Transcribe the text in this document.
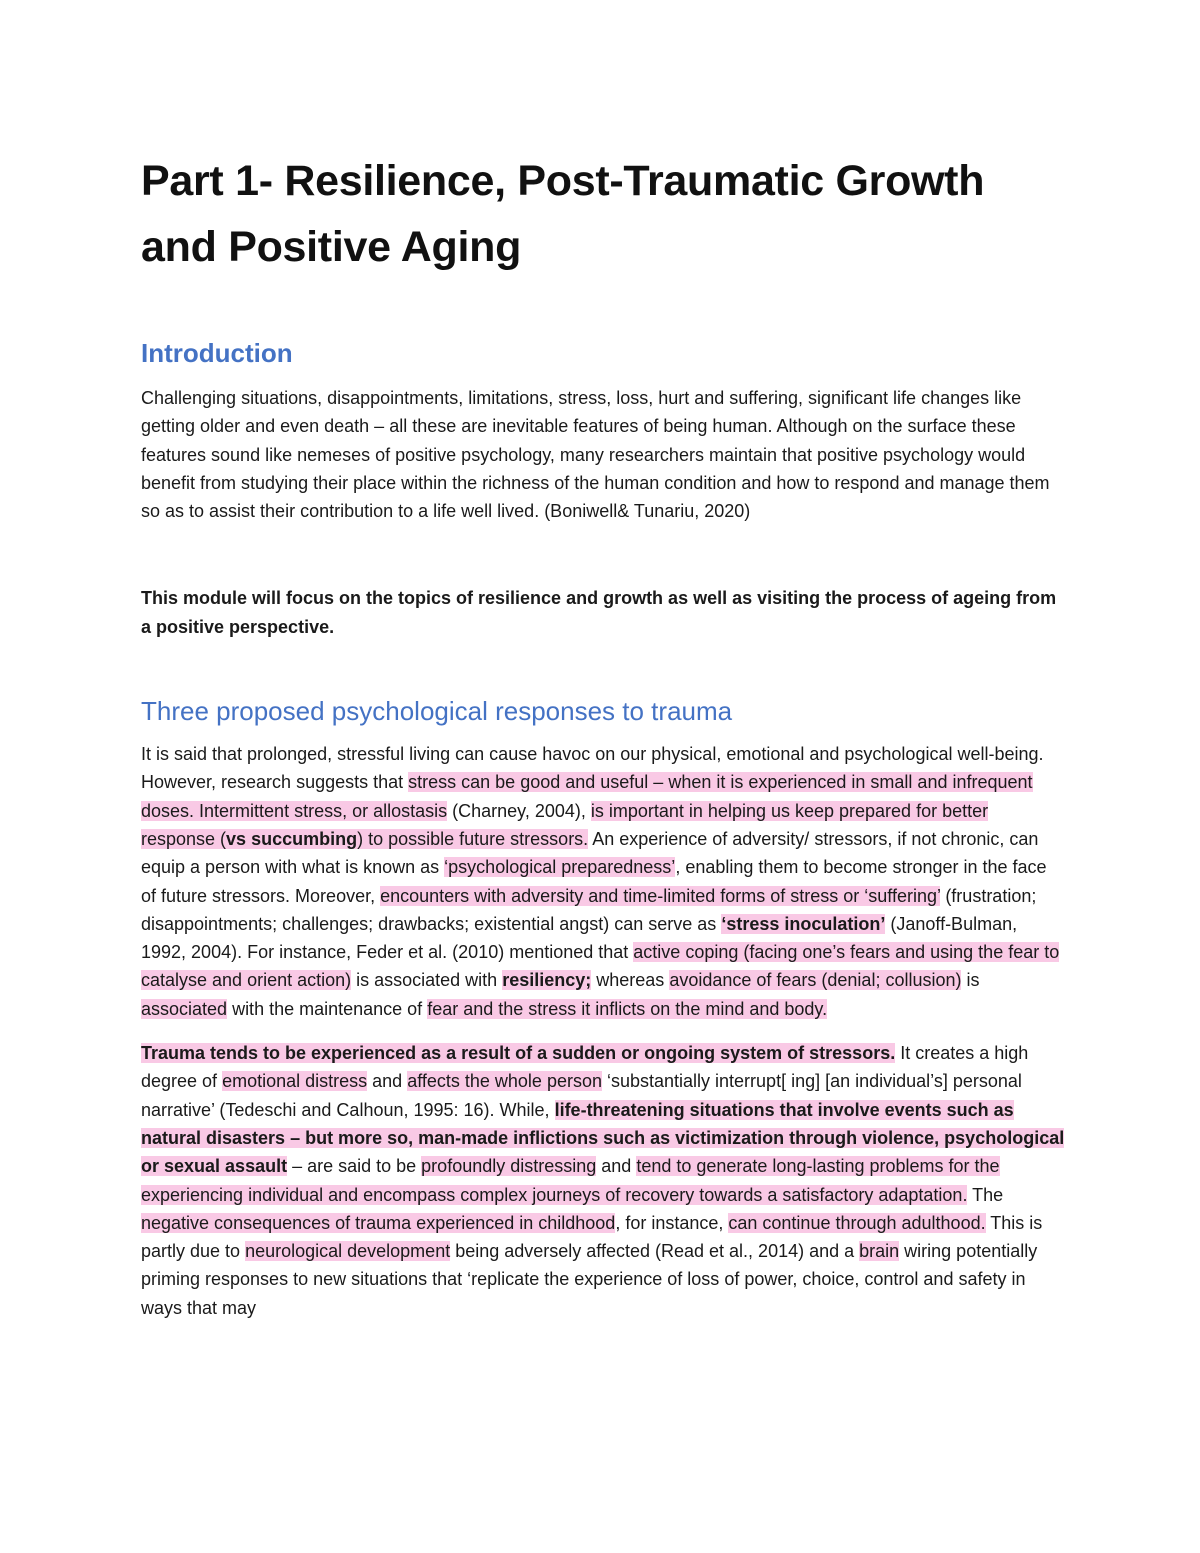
Part 1- Resilience, Post-Traumatic Growth and Positive Aging
Introduction

Challenging situations, disappointments, limitations, stress, loss, hurt and suffering, significant life changes like getting older and even death – all these are inevitable features of being human. Although on the surface these features sound like nemeses of positive psychology, many researchers maintain that positive psychology would benefit from studying their place within the richness of the human condition and how to respond and manage them so as to assist their contribution to a life well lived. (Boniwell& Tunariu, 2020)

This module will focus on the topics of resilience and growth as well as visiting the process of ageing from a positive perspective.

Three proposed psychological responses to trauma

It is said that prolonged, stressful living can cause havoc on our physical, emotional and psychological well-being. However, research suggests that stress can be good and useful – when it is experienced in small and infrequent doses. Intermittent stress, or allostasis (Charney, 2004), is important in helping us keep prepared for better response (vs succumbing) to possible future stressors. An experience of adversity/ stressors, if not chronic, can equip a person with what is known as ‘psychological preparedness’, enabling them to become stronger in the face of future stressors. Moreover, encounters with adversity and time-limited forms of stress or ‘suffering’ (frustration; disappointments; challenges; drawbacks; existential angst) can serve as ‘stress inoculation’ (Janoff-Bulman, 1992, 2004). For instance, Feder et al. (2010) mentioned that active coping (facing one’s fears and using the fear to catalyse and orient action) is associated with resiliency; whereas avoidance of fears (denial; collusion) is associated with the maintenance of fear and the stress it inflicts on the mind and body.

Trauma tends to be experienced as a result of a sudden or ongoing system of stressors. It creates a high degree of emotional distress and affects the whole person ‘substantially interrupt[ ing] [an individual’s] personal narrative’ (Tedeschi and Calhoun, 1995: 16). While, life-threatening situations that involve events such as natural disasters – but more so, man-made inflictions such as victimization through violence, psychological or sexual assault – are said to be profoundly distressing and tend to generate long-lasting problems for the experiencing individual and encompass complex journeys of recovery towards a satisfactory adaptation. The negative consequences of trauma experienced in childhood, for instance, can continue through adulthood. This is partly due to neurological development being adversely affected (Read et al., 2014) and a brain wiring potentially priming responses to new situations that ‘replicate the experience of loss of power, choice, control and safety in ways that may
